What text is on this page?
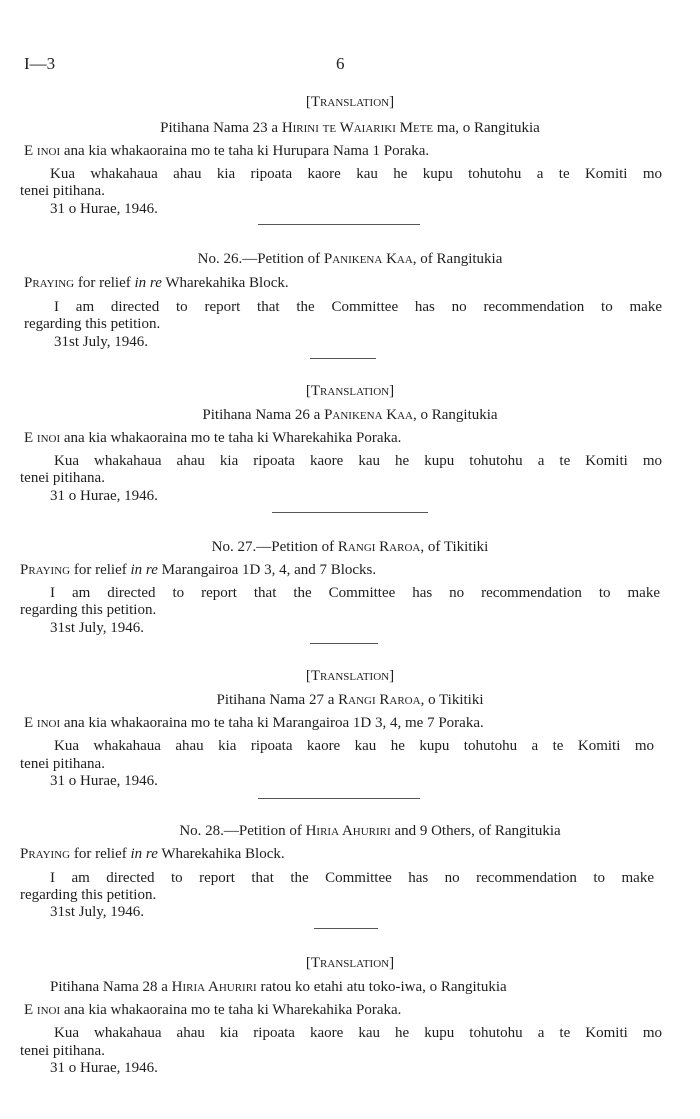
I—3	6
[Translation]
Pitihana Nama 23 a Hirini te Waiariki Mete ma, o Rangitukia
E inoi ana kia whakaoraina mo te taha ki Hurupara Nama 1 Poraka.
Kua whakahaua ahau kia ripoata kaore kau he kupu tohutohu a te Komiti mo
tenei pitihana.
31 o Hurae, 1946.
No. 26.—Petition of Panikena Kaa, of Rangitukia
Praying for relief in re Wharekahika Block.
I am directed to report that the Committee has no recommendation to make
regarding this petition.
31st July, 1946.
[Translation]
Pitihana Nama 26 a Panikena Kaa, o Rangitukia
E inoi ana kia whakaoraina mo te taha ki Wharekahika Poraka.
Kua whakahaua ahau kia ripoata kaore kau he kupu tohutohu a te Komiti mo
tenei pitihana.
31 o Hurae, 1946.
No. 27.—Petition of Rangi Raroa, of Tikitiki
Praying for relief in re Marangairoa 1D 3, 4, and 7 Blocks.
I am directed to report that the Committee has no recommendation to make
regarding this petition.
31st July, 1946.
[Translation]
Pitihana Nama 27 a Rangi Raroa, o Tikitiki
E inoi ana kia whakaoraina mo te taha ki Marangairoa 1D 3, 4, me 7 Poraka.
Kua whakahaua ahau kia ripoata kaore kau he kupu tohutohu a te Komiti mo
tenei pitihana.
31 o Hurae, 1946.
No. 28.—Petition of Hiria Ahuriri and 9 Others, of Rangitukia
Praying for relief in re Wharekahika Block.
I am directed to report that the Committee has no recommendation to make
regarding this petition.
31st July, 1946.
[Translation]
Pitihana Nama 28 a Hiria Ahuriri ratou ko etahi atu toko-iwa, o Rangitukia
E inoi ana kia whakaoraina mo te taha ki Wharekahika Poraka.
Kua whakahaua ahau kia ripoata kaore kau he kupu tohutohu a te Komiti mo
tenei pitihana.
31 o Hurae, 1946.
